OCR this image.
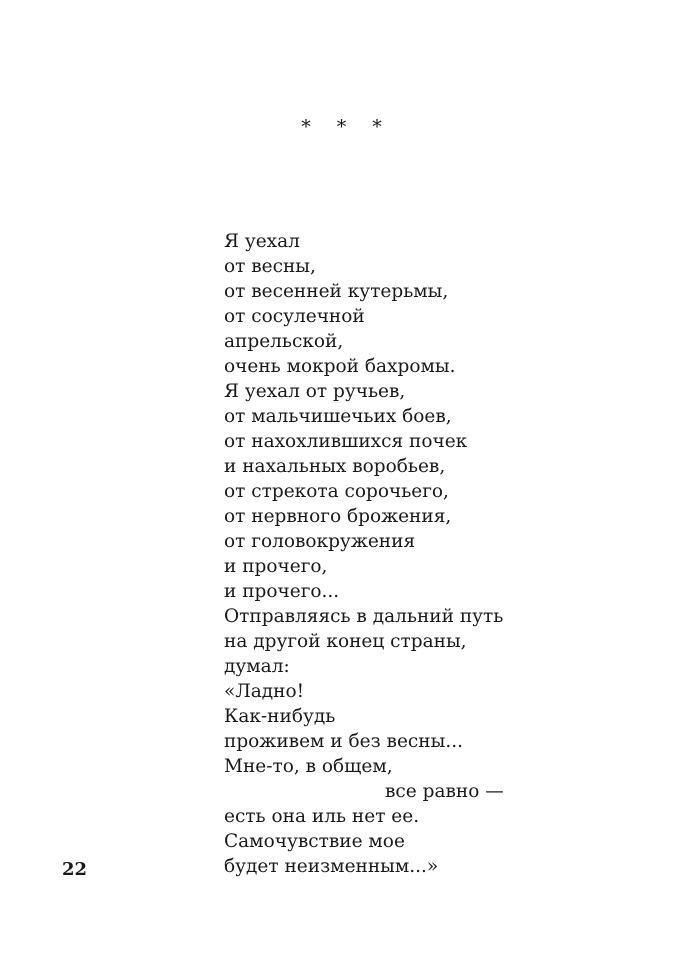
* * *
Я уехал
от весны,
от весенней кутерьмы,
от сосулечной
апрельской,
очень мокрой бахромы.
Я уехал от ручьев,
от мальчишечьих боев,
от нахохлившихся почек
и нахальных воробьев,
от стрекота сорочьего,
от нервного брожения,
от головокружения
и прочего,
и прочего...
Отправляясь в дальний путь
на другой конец страны,
думал:
«Ладно!
Как-нибудь
проживем и без весны...
Мне-то, в общем,
все равно —
есть она иль нет ее.
Самочувствие мое
будет неизменным...»
22
